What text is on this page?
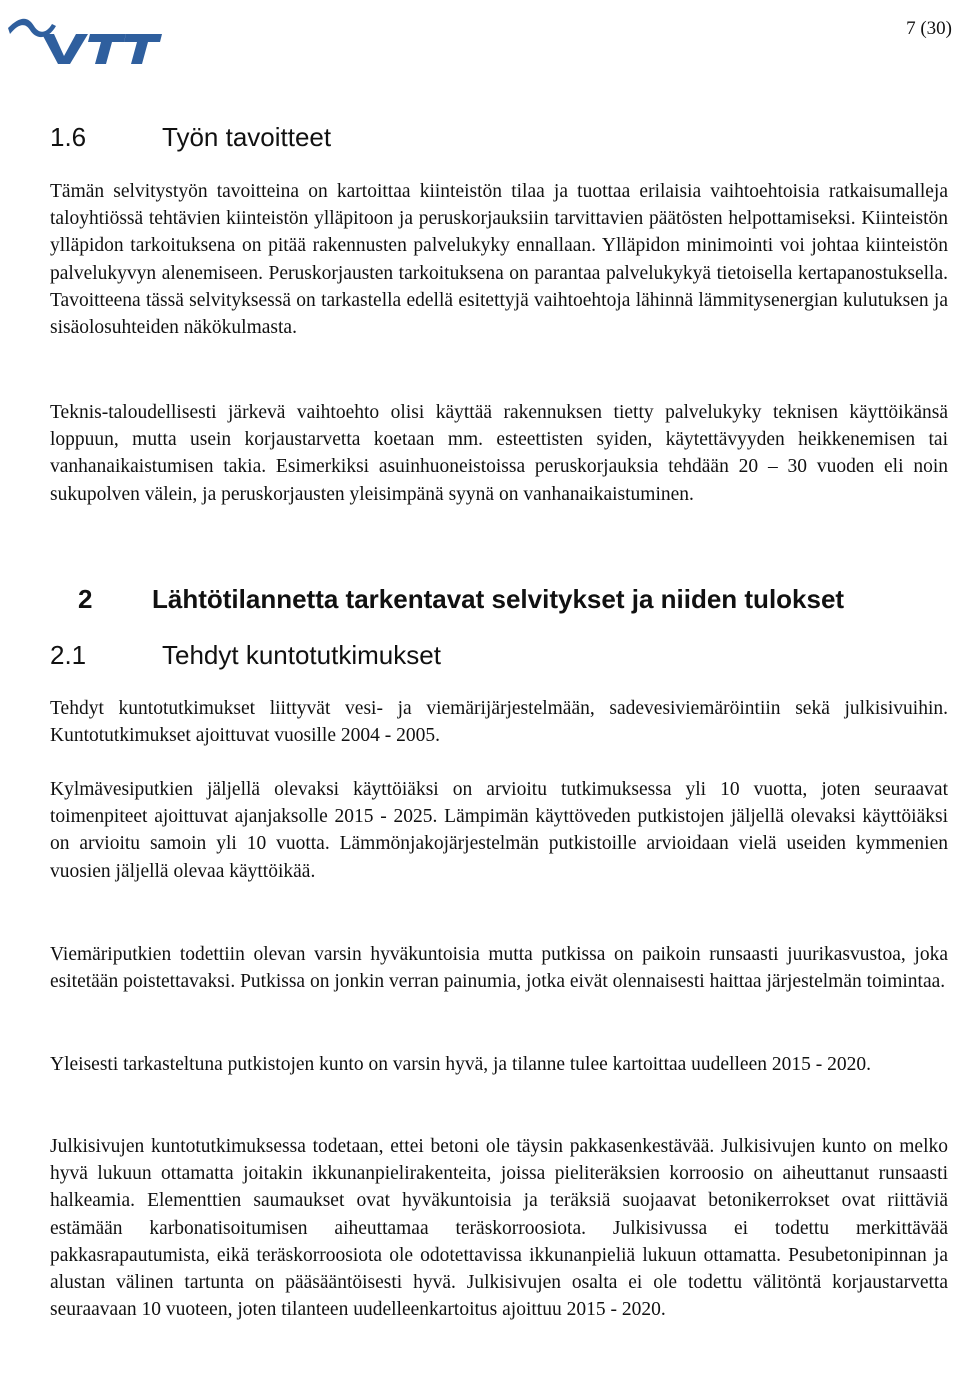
7 (30)
1.6	Työn tavoitteet

Tämän selvitystyön tavoitteina on kartoittaa kiinteistön tilaa ja tuottaa erilaisia vaihtoehtoisia ratkaisumalleja taloyhtiössä tehtävien kiinteistön ylläpitoon ja peruskorjauksiin tarvittavien päätösten helpottamiseksi. Kiinteistön ylläpidon tarkoituksena on pitää rakennusten palvelukyky ennallaan. Ylläpidon minimointi voi johtaa kiinteistön palvelukyvyn alenemiseen. Peruskorjausten tarkoituksena on parantaa palvelukykyä tietoisella kertapanostuksella. Tavoitteena tässä selvityksessä on tarkastella edellä esitettyjä vaihtoehtoja lähinnä lämmitysenergian kulutuksen ja sisäolosuhteiden näkökulmasta.

Teknis-taloudellisesti järkevä vaihtoehto olisi käyttää rakennuksen tietty palvelukyky teknisen käyttöikänsä loppuun, mutta usein korjaustarvetta koetaan mm. esteettisten syiden, käytettävyyden heikkenemisen tai vanhanaikaistumisen takia. Esimerkiksi asuinhuoneistoissa peruskorjauksia tehdään 20 – 30 vuoden eli noin sukupolven välein, ja peruskorjausten yleisimpänä syynä on vanhanaikaistuminen.

2 Lähtötilannetta tarkentavat selvitykset ja niiden tulokset
2.1	Tehdyt kuntotutkimukset

Tehdyt kuntotutkimukset liittyvät vesi- ja viemärijärjestelmään, sadevesiviemäröintiin sekä julkisivuihin. Kuntotutkimukset ajoittuvat vuosille 2004 - 2005.

Kylmävesiputkien jäljellä olevaksi käyttöiäksi on arvioitu tutkimuksessa yli 10 vuotta, joten seuraavat toimenpiteet ajoittuvat ajanjaksolle 2015 - 2025. Lämpimän käyttöveden putkistojen jäljellä olevaksi käyttöiäksi on arvioitu samoin yli 10 vuotta. Lämmönjakojärjestelmän putkistoille arvioidaan vielä useiden kymmenien vuosien jäljellä olevaa käyttöikää.

Viemäriputkien todettiin olevan varsin hyväkuntoisia mutta putkissa on paikoin runsaasti juurikasvustoa, joka esitetään poistettavaksi. Putkissa on jonkin verran painumia, jotka eivät olennaisesti haittaa järjestelmän toimintaa.

Yleisesti tarkasteltuna putkistojen kunto on varsin hyvä, ja tilanne tulee kartoittaa uudelleen 2015 - 2020.

Julkisivujen kuntotutkimuksessa todetaan, ettei betoni ole täysin pakkasenkestävää. Julkisivujen kunto on melko hyvä lukuun ottamatta joitakin ikkunanpielirakenteita, joissa pieliteräksien korroosio on aiheuttanut runsaasti halkeamia. Elementtien saumaukset ovat hyväkuntoisia ja teräksiä suojaavat betonikerrokset ovat riittäviä estämään karbonatisoitumisen aiheuttamaa teräskorroosiota. Julkisivussa ei todettu merkittävää pakkasrapautumista, eikä teräskorroosiota ole odotettavissa ikkunanpieliä lukuun ottamatta. Pesubetonipinnan ja alustan välinen tartunta on pääsääntöisesti hyvä. Julkisivujen osalta ei ole todettu välitöntä korjaustarvetta seuraavaan 10 vuoteen, joten tilanteen uudelleenkartoitus ajoittuu 2015 - 2020.
